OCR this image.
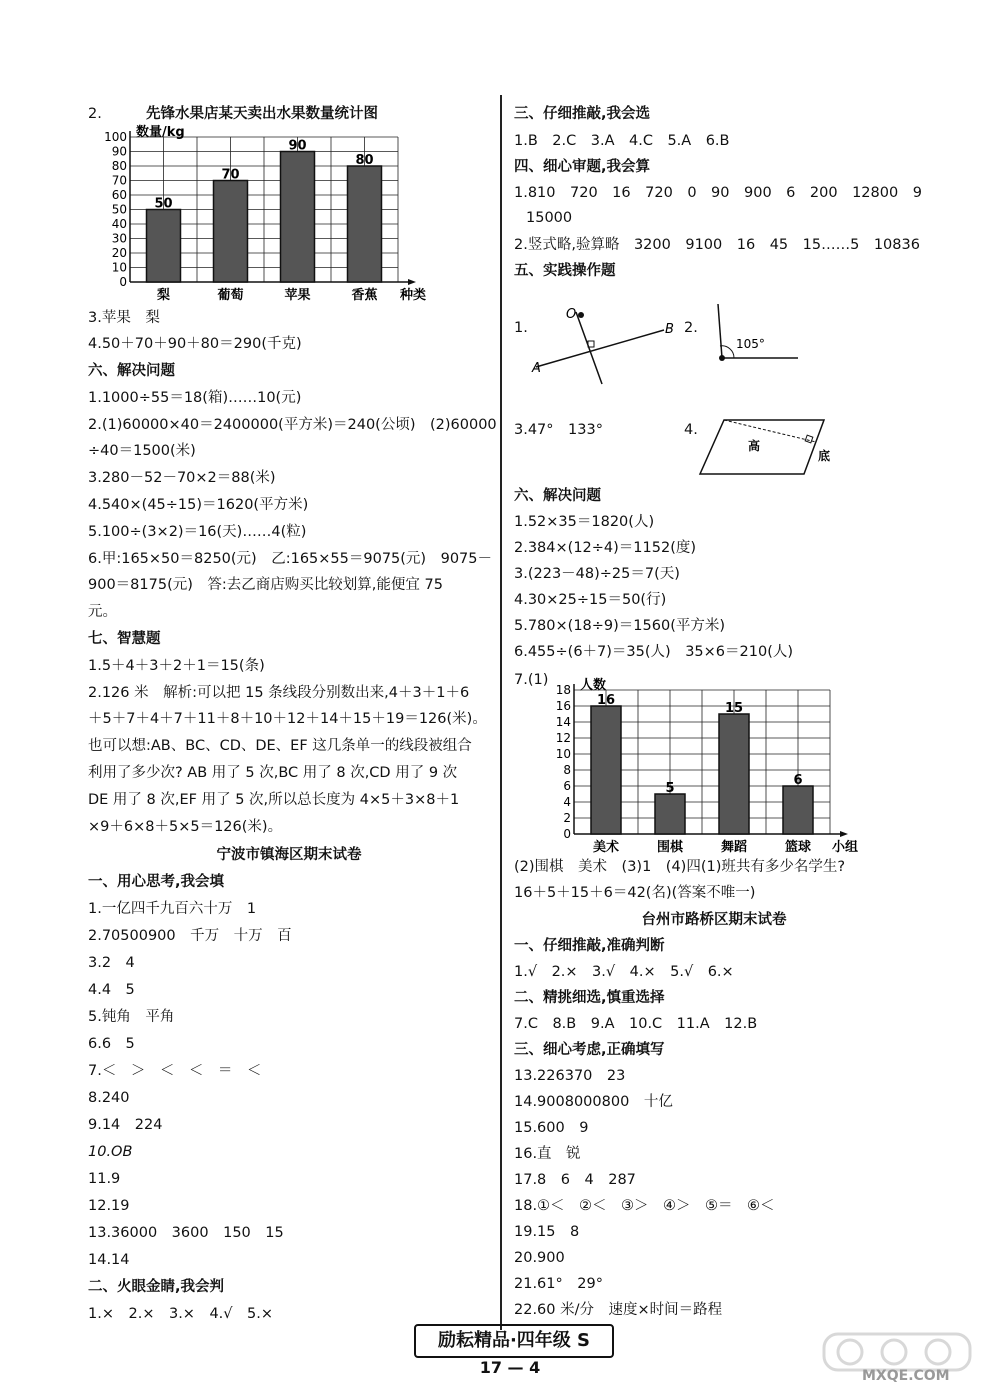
2.	先锋水果店某天卖出水果数量统计图
0
10
20
30
40
50
60
70
80
90
100 数量/kg
种类
50
梨
70
葡萄
90
苹果
80
香蕉
3.苹果　梨
4.50＋70＋90＋80＝290(千克)
六、解决问题
1.1000÷55＝18(箱)……10(元)
2.(1)60000×40＝2400000(平方米)＝240(公顷)　(2)60000
÷40＝1500(米)
3.280－52－70×2＝88(米)
4.540×(45÷15)＝1620(平方米)
5.100÷(3×2)＝16(天)……4(粒)
6.甲:165×50＝8250(元)　乙:165×55＝9075(元)　9075－
900＝8175(元)　答:去乙商店购买比较划算,能便宜 75
元。
七、智慧题
1.5＋4＋3＋2＋1＝15(条)
2.126 米　解析:可以把 15 条线段分别数出来,4＋3＋1＋6
＋5＋7＋4＋7＋11＋8＋10＋12＋14＋15＋19＝126(米)。
也可以想:AB、BC、CD、DE、EF 这几条单一的线段被组合
利用了多少次? AB 用了 5 次,BC 用了 8 次,CD 用了 9 次
DE 用了 8 次,EF 用了 5 次,所以总长度为 4×5＋3×8＋1
×9＋6×8＋5×5＝126(米)。
宁波市镇海区期末试卷
一、用心思考,我会填
1.一亿四千九百六十万　1
2.70500900　千万　十万　百
3.2　4
4.4　5
5.钝角　平角
6.6　5
7.＜　＞　＜　＜　＝　＜
8.240
9.14　224
10.OB
11.9
12.19
13.36000　3600　150　15
14.14
二、火眼金睛,我会判
1.×　2.×　3.×　4.√　5.×
三、仔细推敲,我会选
1.B　2.C　3.A　4.C　5.A　6.B
四、细心审题,我会算
1.810　720　16　720　0　90　900　6　200　12800　9
15000
2.竖式略,验算略　3200　9100　16　45　15……5　10836
五、实践操作题
1.	2.
O
B
A
105°
3.47°　133°	4.
高
底
六、解决问题
1.52×35＝1820(人)
2.384×(12÷4)＝1152(度)
3.(223－48)÷25＝7(天)
4.30×25÷15＝50(行)
5.780×(18÷9)＝1560(平方米)
6.455÷(6＋7)＝35(人)　35×6＝210(人)
7.(1)
0
2
4
6
8
10
12
14
16
18 人数
小组
16
美术
5
围棋
15
舞蹈
6
篮球
(2)围棋　美术　(3)1　(4)四(1)班共有多少名学生?
16＋5＋15＋6＝42(名)(答案不唯一)
台州市路桥区期末试卷
一、仔细推敲,准确判断
1.√　2.×　3.√　4.×　5.√　6.×
二、精挑细选,慎重选择
7.C　8.B　9.A　10.C　11.A　12.B
三、细心考虑,正确填写
13.226370　23
14.9008000800　十亿
15.600　9
16.直　锐
17.8　6　4　287
18.①＜　②＜　③＞　④＞　⑤＝　⑥＜
19.15　8
20.900
21.61°　29°
22.60 米/分　速度×时间＝路程
励耘精品·四年级 S
17 — 4	MXQE.COM
